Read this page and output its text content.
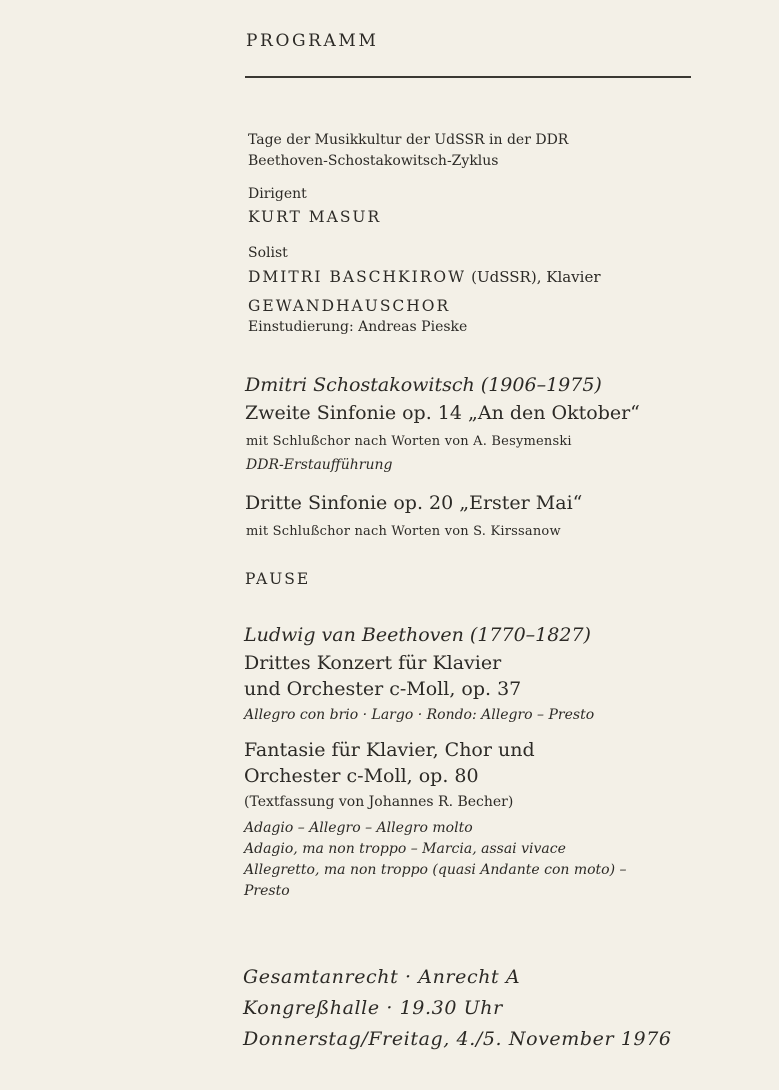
PROGRAMM
Tage der Musikkultur der UdSSR in der DDR
Beethoven-Schostakowitsch-Zyklus
Dirigent
KURT MASUR
Solist
DMITRI BASCHKIROW (UdSSR), Klavier
GEWANDHAUSCHOR
Einstudierung: Andreas Pieske
Dmitri Schostakowitsch (1906–1975)
Zweite Sinfonie op. 14 „An den Oktober“
mit Schlußchor nach Worten von A. Besymenski
DDR-Erstaufführung
Dritte Sinfonie op. 20 „Erster Mai“
mit Schlußchor nach Worten von S. Kirssanow
PAUSE
Ludwig van Beethoven (1770–1827)
Drittes Konzert für Klavier
und Orchester c-Moll, op. 37
Allegro con brio · Largo · Rondo: Allegro – Presto
Fantasie für Klavier, Chor und
Orchester c-Moll, op. 80
(Textfassung von Johannes R. Becher)
Adagio – Allegro – Allegro molto
Adagio, ma non troppo – Marcia, assai vivace
Allegretto, ma non troppo (quasi Andante con moto) –
Presto
Gesamtanrecht · Anrecht A
Kongreßhalle · 19.30 Uhr
Donnerstag/Freitag, 4./5. November 1976
